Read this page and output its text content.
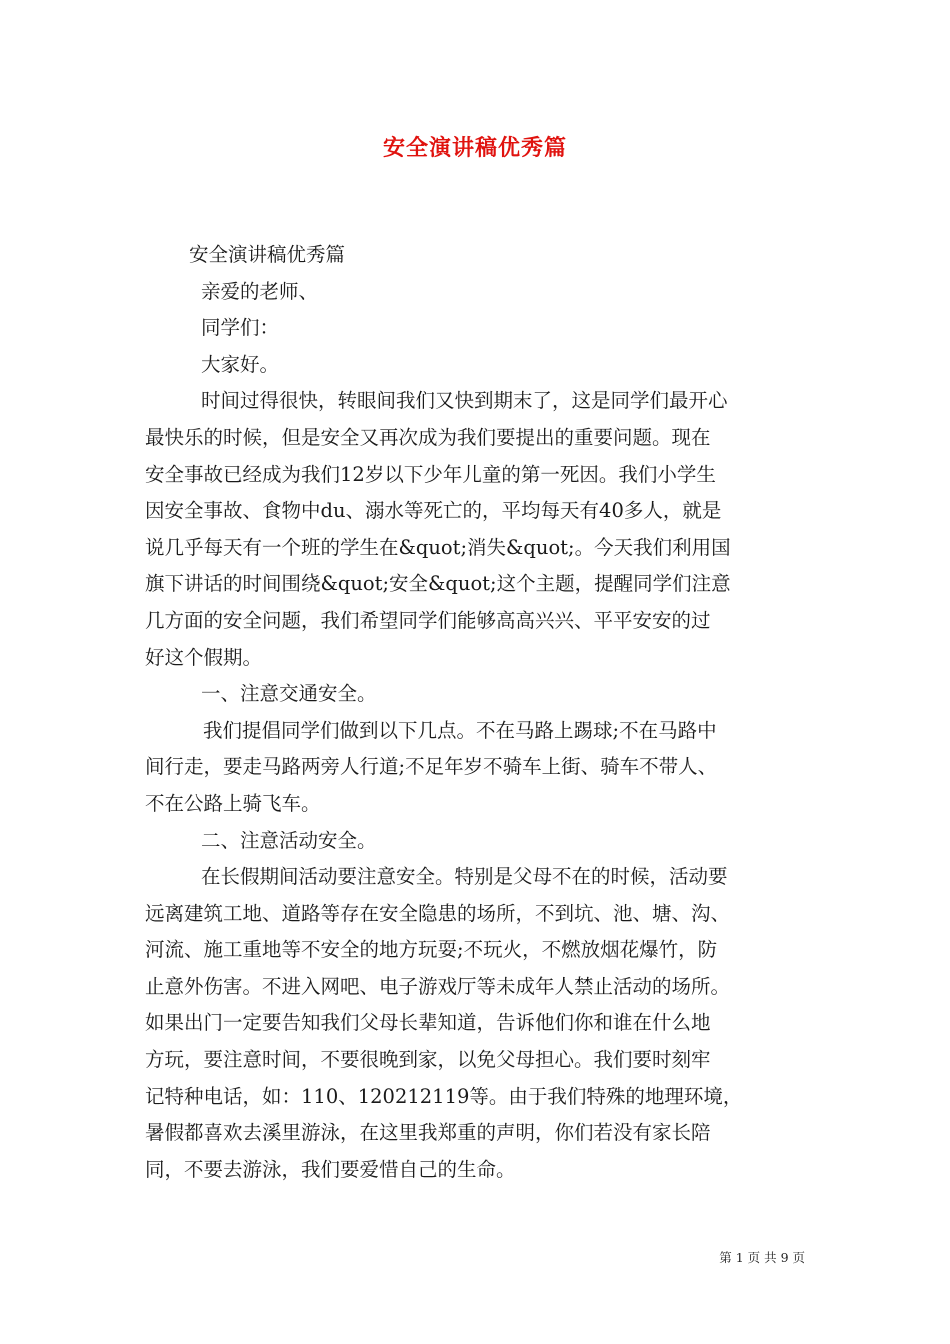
安全演讲稿优秀篇
安全演讲稿优秀篇
亲爱的老师、
同学们：
大家好。
时间过得很快，转眼间我们又快到期末了，这是同学们最开心
最快乐的时候，但是安全又再次成为我们要提出的重要问题。现在
安全事故已经成为我们12岁以下少年儿童的第一死因。我们小学生
因安全事故、食物中du、溺水等死亡的，平均每天有40多人，就是
说几乎每天有一个班的学生在&quot;消失&quot;。今天我们利用国
旗下讲话的时间围绕&quot;安全&quot;这个主题，提醒同学们注意
几方面的安全问题，我们希望同学们能够高高兴兴、平平安安的过
好这个假期。
一、注意交通安全。
我们提倡同学们做到以下几点。不在马路上踢球;不在马路中
间行走，要走马路两旁人行道;不足年岁不骑车上街、骑车不带人、
不在公路上骑飞车。
二、注意活动安全。
在长假期间活动要注意安全。特别是父母不在的时候，活动要
远离建筑工地、道路等存在安全隐患的场所，不到坑、池、塘、沟、
河流、施工重地等不安全的地方玩耍;不玩火，不燃放烟花爆竹，防
止意外伤害。不进入网吧、电子游戏厅等未成年人禁止活动的场所。
如果出门一定要告知我们父母长辈知道，告诉他们你和谁在什么地
方玩，要注意时间，不要很晚到家，以免父母担心。我们要时刻牢
记特种电话，如：110、120212119等。由于我们特殊的地理环境，
暑假都喜欢去溪里游泳，在这里我郑重的声明，你们若没有家长陪
同，不要去游泳，我们要爱惜自己的生命。
第 1 页 共 9 页
